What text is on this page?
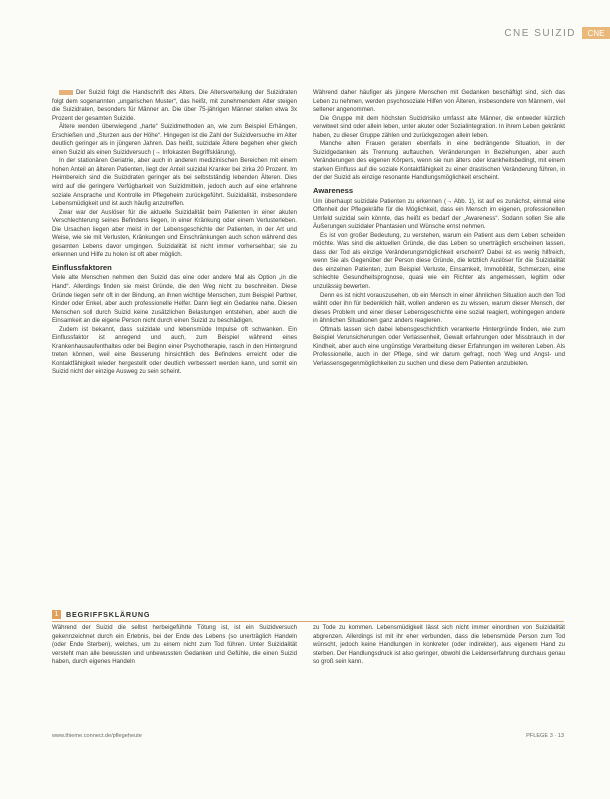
CNE SUIZID	CNE

Der Suizid folgt die Handschrift des Alters. Die Altersverteilung der Suizidraten folgt dem sogenannten „ungarischen Muster“, das heißt, mit zunehmendem Alter steigen die Suizidraten, besonders für Männer an. Die über 75-jährigen Männer stellen etwa 3x Prozent der gesamten Suizide.

Ältere wenden überwiegend „harte“ Suizidmethoden an, wie zum Beispiel Erhängen, Erschießen und „Sturzen aus der Höhe“. Hingegen ist die Zahl der Suizidversuche im Alter deutlich geringer als in jüngeren Jahren. Das heißt, suizidale Ältere begehen eher gleich einen Suizid als einen Suizidversuch (→ Infokasten Begriffsklärung).

In der stationären Geriatrie, aber auch in anderen medizinischen Bereichen mit einem hohen Anteil an älteren Patienten, liegt der Anteil suizidal Kranker bei zirka 20 Prozent. Im Heimbereich sind die Suizidraten geringer als bei selbstständig lebenden Älteren. Dies wird auf die geringere Verfügbarkeit von Suizidmitteln, jedoch auch auf eine erfahrene soziale Ansprache und Kontrolle im Pflegeheim zurückgeführt. Suizidalität, insbesondere Lebensmüdigkeit und ist auch häufig anzutreffen.

Zwar war der Auslöser für die aktuelle Suizidalität beim Patienten in einer akuten Verschlechterung seines Befindens liegen, in einer Kränkung oder einem Verlusterleben. Die Ursachen liegen aber meist in der Lebensgeschichte der Patienten, in der Art und Weise, wie sie mit Verlusten, Kränkungen und Einschränkungen auch schon während des gesamten Lebens davor umgingen. Suizidalität ist nicht immer vorhersehbar; sie zu erkennen und Hilfe zu holen ist oft aber möglich.

Einflussfaktoren

Viele alte Menschen nehmen den Suizid das eine oder andere Mal als Option „in die Hand“. Allerdings finden sie meist Gründe, die den Weg nicht zu beschreiten. Diese Gründe liegen sehr oft in der Bindung, an ihnen wichtige Menschen, zum Beispiel Partner, Kinder oder Enkel, aber auch professionelle Helfer. Dann liegt ein Gedanke nahe. Diesen Menschen soll durch Suizid keine zusätzlichen Belastungen entstehen, aber auch die Einsamkeit an die eigene Person nicht durch einen Suizid zu beschädigen.

Zudem ist bekannt, dass suizidale und lebensmüde Impulse oft schwanken. Ein Einflussfaktor ist anregend und auch, zum Beispiel während eines Krankenhausaufenthaltes oder bei Beginn einer Psychotherapie, rasch in den Hintergrund treten können, weil eine Besserung hinsichtlich des Befindens erreicht oder die Kontaktfähigkeit wieder hergestellt oder deutlich verbessert werden kann, und somit ein Suizid nicht der einzige Ausweg zu sein scheint.

Während daher häufiger als jüngere Menschen mit Gedanken beschäftigt sind, sich das Leben zu nehmen, werden psychosoziale Hilfen von Älteren, insbesondere von Männern, viel seltener angenommen.

Die Gruppe mit dem höchsten Suizidrisiko umfasst alte Männer, die entweder kürzlich verwitwet sind oder allein leben, unter akuter oder Sozialintegration. In ihrem Leben gekränkt haben, zu dieser Gruppe zählen und zurückgezogen allein leben.

Manche alten Frauen geraten ebenfalls in eine bedrängende Situation, in der Suizidgedanken als Trennung auftauchen. Veränderungen in Beziehungen, aber auch Veränderungen des eigenen Körpers, wenn sie nun älters oder krankheitsbedingt, mit einem starken Einfluss auf die soziale Kontaktfähigkeit zu einer drastischen Veränderung führen, in der der Suizid als einzige resonante Handlungsmöglichkeit erscheint.

Awareness

Um überhaupt suizidale Patienten zu erkennen (→ Abb. 1), ist auf es zunächst, einmal eine Offenheit der Pflegekräfte für die Möglichkeit, dass ein Mensch im eigenen, professionellen Umfeld suizidal sein könnte, das heißt es bedarf der „Awareness“. Sodann sollen Sie alle Äußerungen suizidaler Phantasien und Wünsche ernst nehmen.

Es ist von großer Bedeutung, zu verstehen, warum ein Patient aus dem Leben scheiden möchte. Was sind die aktuellen Gründe, die das Leben so unerträglich erscheinen lassen, dass der Tod als einzige Veränderungsmöglichkeit erscheint? Dabei ist es wenig hilfreich, wenn Sie als Gegenüber der Person diese Gründe, die letztlich Auslöser für die Suizidalität des einzelnen Patienten, zum Beispiel Verluste, Einsamkeit, Immobilität, Schmerzen, eine schlechte Gesundheitsprognose, quasi wie ein Richter als angemessen, legitim oder unzulässig bewerten.

Denn es ist nicht vorauszusehen, ob ein Mensch in einer ähnlichen Situation auch den Tod wählt oder ihn für bedenklich hält, wollen anderen es zu wissen, warum dieser Mensch, der dieses Problem und einer dieser Lebensgeschichte eine sozial reagiert, wohingegen andere in ähnlichen Situationen ganz anders reagieren.

Oftmals lassen sich dabei lebensgeschichtlich verankerte Hintergründe finden, wie zum Beispiel Verunsicherungen oder Verlassenheit, Gewalt erfahrungen oder Missbrauch in der Kindheit, aber auch eine ungünstige Verarbeitung dieser Erfahrungen im weiteren Leben. Als Professionelle, auch in der Pflege, sind wir darum gefragt, noch Weg und Angst- und Verlassensgegenmöglichkeiten zu suchen und diese dem Patienten anzubieten.

1	BEGRIFFSKLÄRUNG

Während der Suizid die selbst herbeigeführte Tötung ist, ist ein Suizidversuch gekennzeichnet durch ein Erlebnis, bei der Ende des Lebens (so unerträglich Handeln (oder Ende Sterben), welches, um zu einem nicht zum Tod führen. Unter Suizidalität versteht man alle bewussten und unbewussten Gedanken und Gefühle, die einen Suizid haben, durch eigenes Handeln

zu Tode zu kommen. Lebensmüdigkeit lässt sich nicht immer einordnen von Suizidalität abgrenzen. Allerdings ist mit ihr eher verbunden, dass die lebensmüde Person zum Tod wünscht, jedoch keine Handlungen in konkreter (oder indirekter), aus eigenem Hand zu sterben. Der Handlungsdruck ist also geringer, obwohl die Leidenserfahrung durchaus genau so groß sein kann.

www.thieme.connect.de/pflegeheute	PFLEGE 3 · 13
